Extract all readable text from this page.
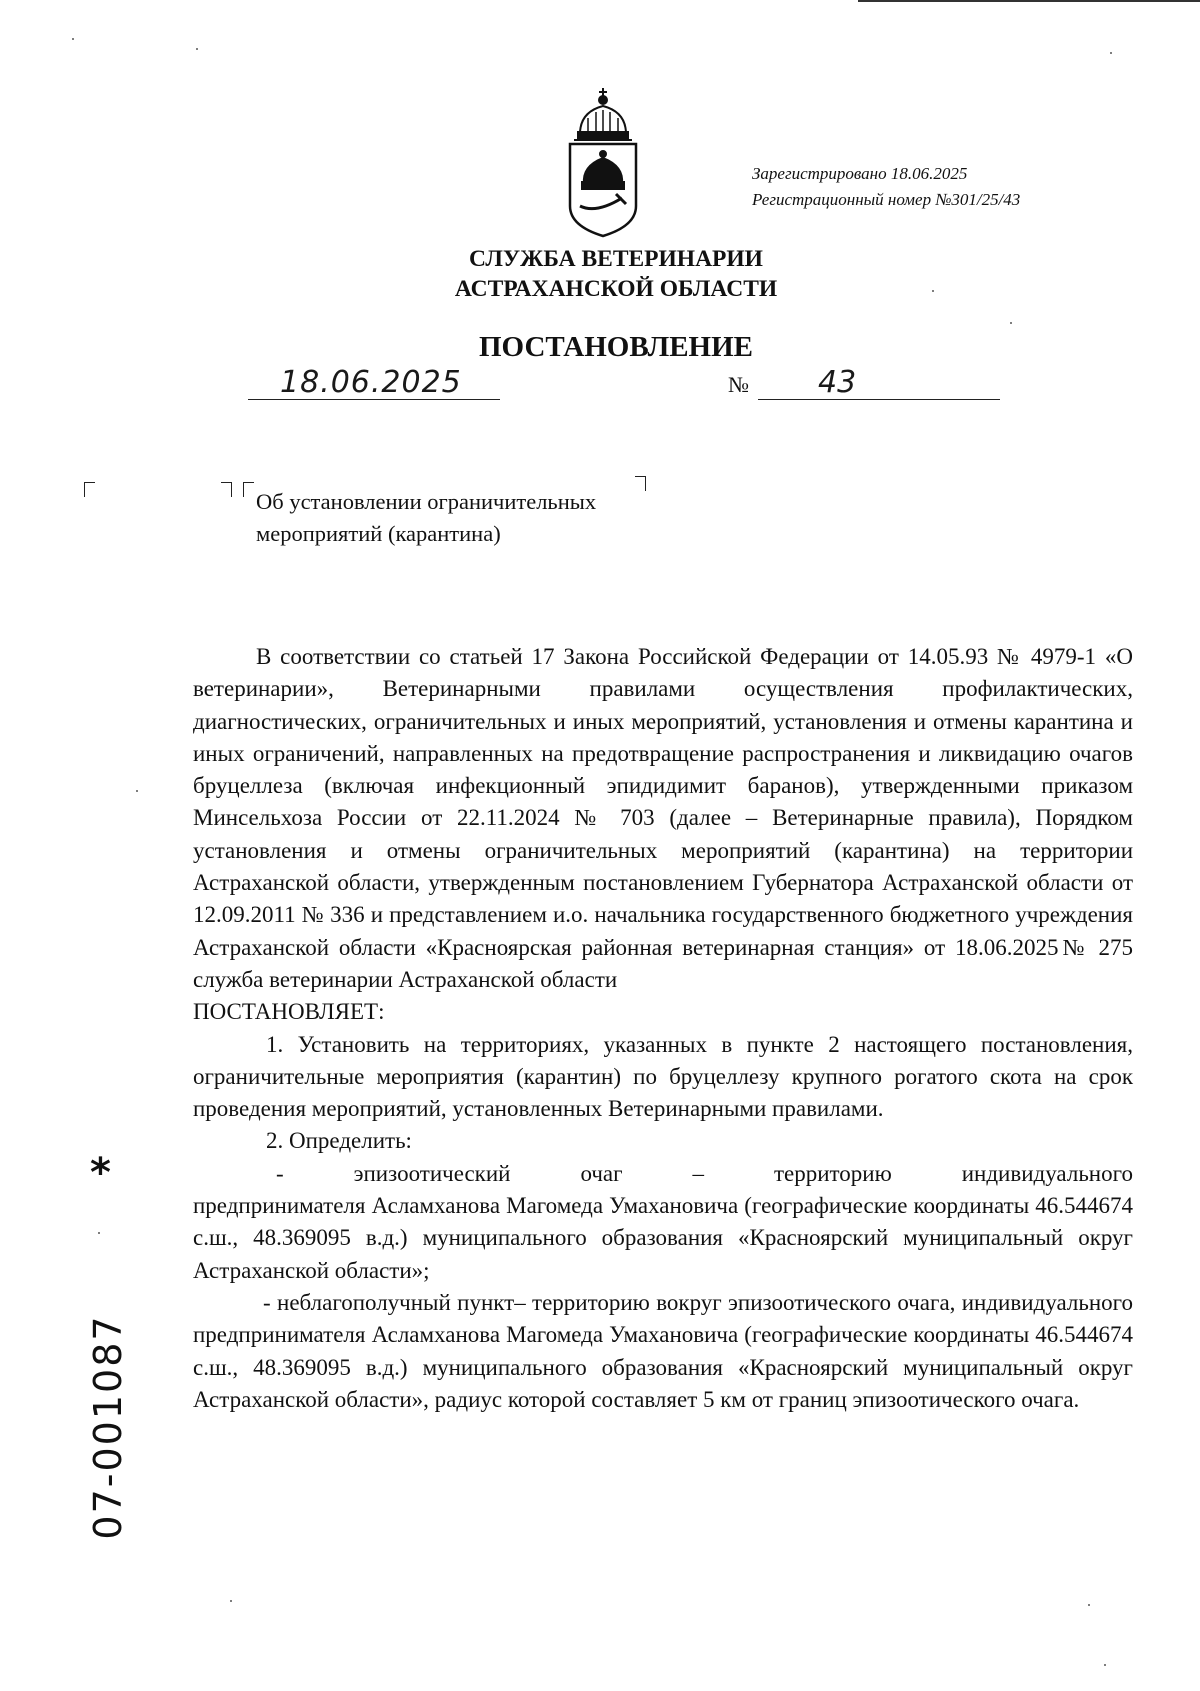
Зарегистрировано 18.06.2025
Регистрационный номер №301/25/43
СЛУЖБА ВЕТЕРИНАРИИ
АСТРАХАНСКОЙ ОБЛАСТИ
ПОСТАНОВЛЕНИЕ
18.06.2025	№ 43
Об установлении ограничительных
мероприятий (карантина)

В соответствии со статьей 17 Закона Российской Федерации от 14.05.93 № 4979-1 «О ветеринарии», Ветеринарными правилами осуществления профилактических, диагностических, ограничительных и иных мероприятий, установления и отмены карантина и иных ограничений, направленных на предотвращение распространения и ликвидацию очагов бруцеллеза (включая инфекционный эпидидимит баранов), утвержденными приказом Минсельхоза России от 22.11.2024 № 703 (далее – Ветеринарные правила), Порядком установления и отмены ограничительных мероприятий (карантина) на территории Астраханской области, утвержденным постановлением Губернатора Астраханской области от 12.09.2011 № 336 и представлением и.о. начальника государственного бюджетного учреждения Астраханской области «Красноярская районная ветеринарная станция» от 18.06.2025№ 275 служба ветеринарии Астраханской области

ПОСТАНОВЛЯЕТ:

1. Установить на территориях, указанных в пункте 2 настоящего постановления, ограничительные мероприятия (карантин) по бруцеллезу крупного рогатого скота на срок проведения мероприятий, установленных Ветеринарными правилами.

2. Определить:

-	эпизоотический	очаг	–	территорию	индивидуального

предпринимателя Асламханова Магомеда Умахановича (географические координаты 46.544674 с.ш., 48.369095 в.д.) муниципального образования «Красноярский муниципальный округ Астраханской области»;

- неблагополучный пункт– территорию вокруг эпизоотического очага, индивидуального предпринимателя Асламханова Магомеда Умахановича (географические координаты 46.544674 с.ш., 48.369095 в.д.) муниципального образования «Красноярский муниципальный округ Астраханской области», радиус которой составляет 5 км от границ эпизоотического очага.

*
07-001087
